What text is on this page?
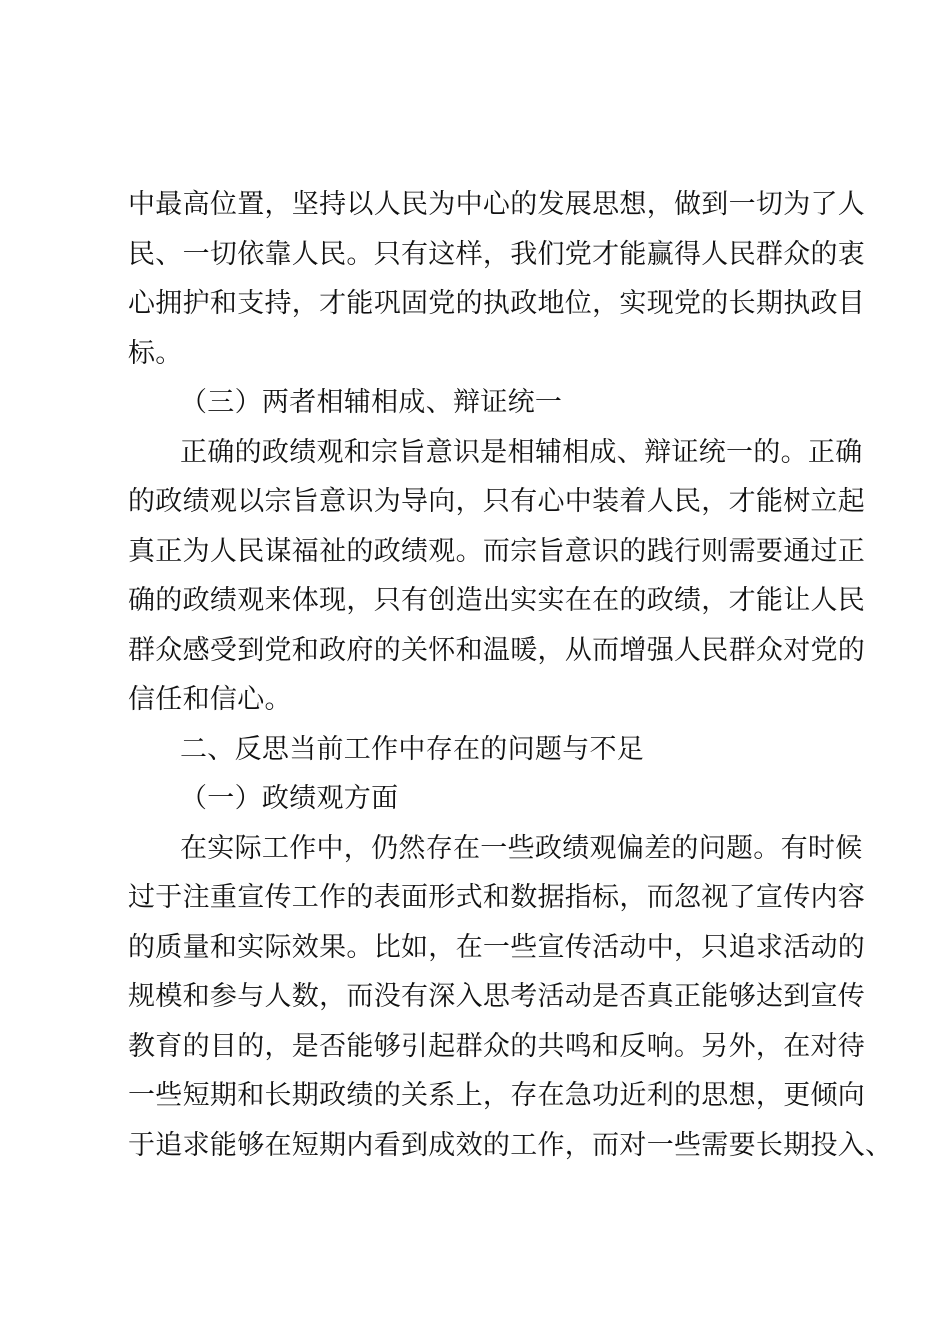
中最高位置，坚持以人民为中心的发展思想，做到一切为了人
民、一切依靠人民。只有这样，我们党才能赢得人民群众的衷
心拥护和支持，才能巩固党的执政地位，实现党的长期执政目
标。
（三）两者相辅相成、辩证统一
正确的政绩观和宗旨意识是相辅相成、辩证统一的。正确
的政绩观以宗旨意识为导向，只有心中装着人民，才能树立起
真正为人民谋福祉的政绩观。而宗旨意识的践行则需要通过正
确的政绩观来体现，只有创造出实实在在的政绩，才能让人民
群众感受到党和政府的关怀和温暖，从而增强人民群众对党的
信任和信心。
二、反思当前工作中存在的问题与不足
（一）政绩观方面
在实际工作中，仍然存在一些政绩观偏差的问题。有时候
过于注重宣传工作的表面形式和数据指标，而忽视了宣传内容
的质量和实际效果。比如，在一些宣传活动中，只追求活动的
规模和参与人数，而没有深入思考活动是否真正能够达到宣传
教育的目的，是否能够引起群众的共鸣和反响。另外，在对待
一些短期和长期政绩的关系上，存在急功近利的思想，更倾向
于追求能够在短期内看到成效的工作，而对一些需要长期投入、
